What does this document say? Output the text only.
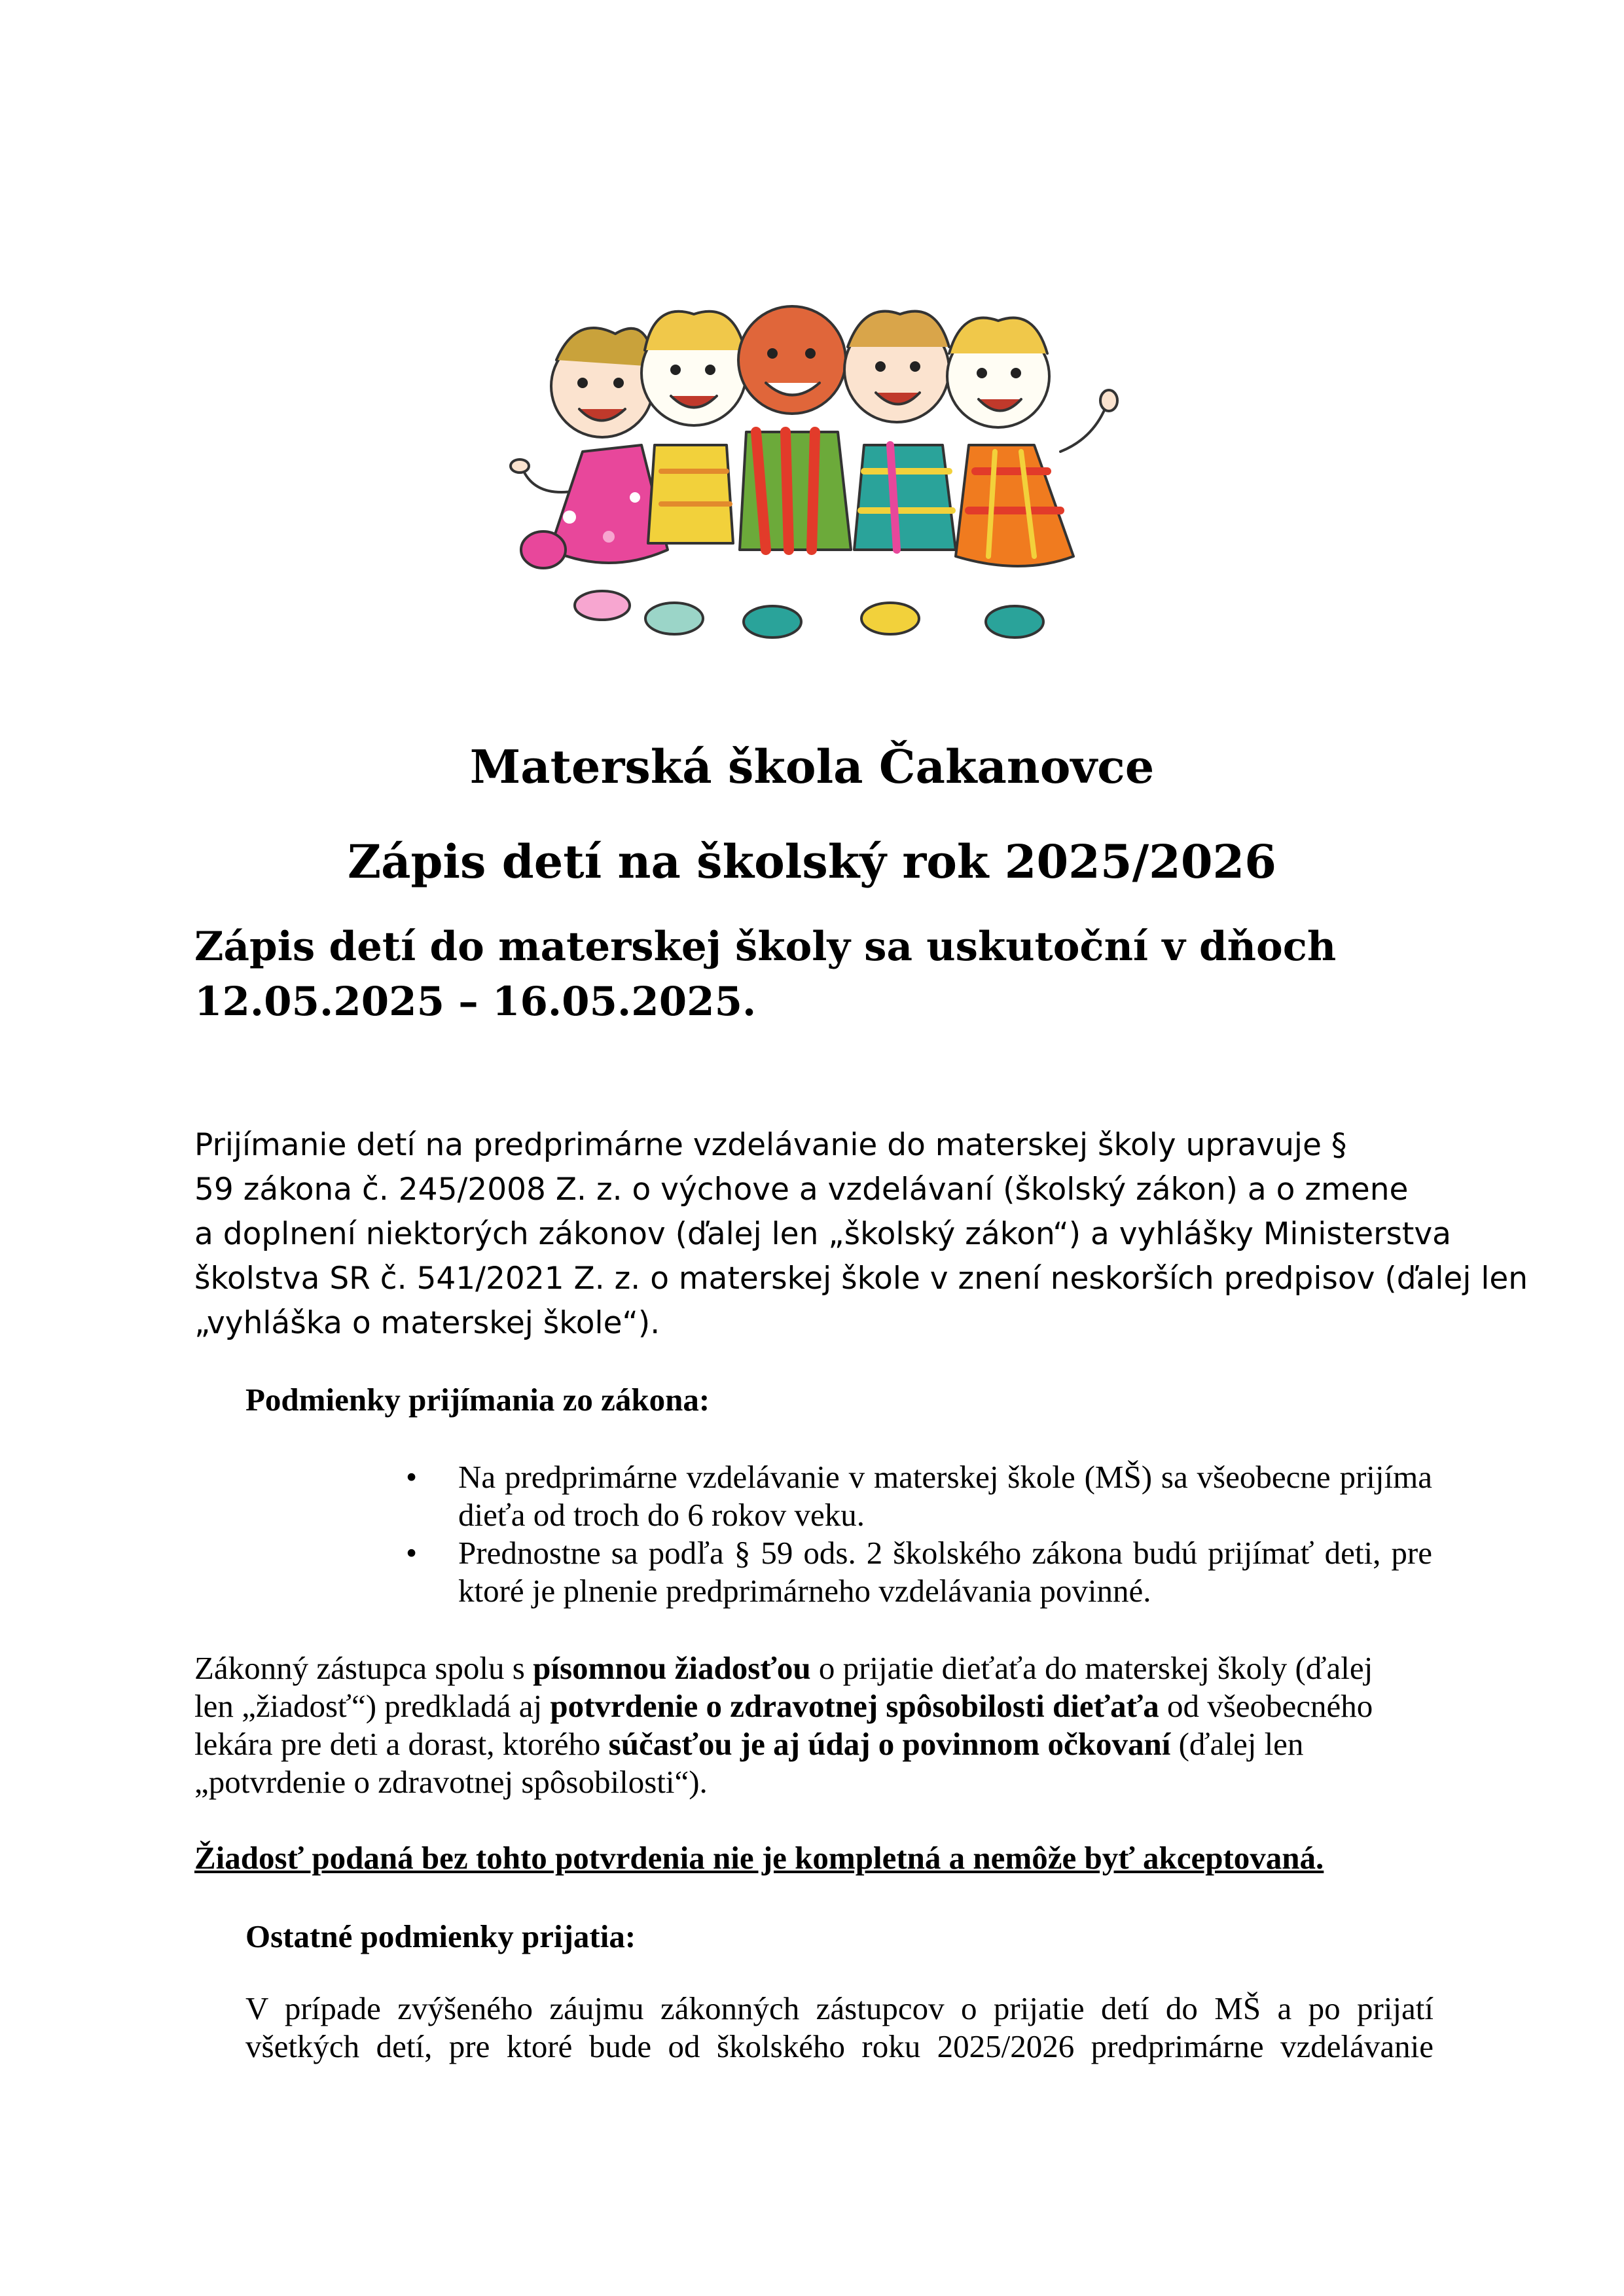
Materská škola Čakanovce
Zápis detí na školský rok 2025/2026

Zápis detí do materskej školy sa uskutoční v dňoch 12.05.2025 – 16.05.2025.

Prijímanie detí na predprimárne vzdelávanie do materskej školy upravuje §
59 zákona č. 245/2008 Z. z. o výchove a vzdelávaní (školský zákon) a o zmene
a doplnení niektorých zákonov (ďalej len „školský zákon“) a vyhlášky Ministerstva
školstva SR č. 541/2021 Z. z. o materskej škole v znení neskorších predpisov (ďalej len
„vyhláška o materskej škole“).

Podmienky prijímania zo zákona:
• Na predprimárne vzdelávanie v materskej škole (MŠ) sa všeobecne prijíma dieťa od troch do 6 rokov veku.
• Prednostne sa podľa § 59 ods. 2 školského zákona budú prijímať deti, pre ktoré je plnenie predprimárneho vzdelávania povinné.

Zákonný zástupca spolu s písomnou žiadosťou o prijatie dieťaťa do materskej školy (ďalej
len „žiadosť“) predkladá aj potvrdenie o zdravotnej spôsobilosti dieťaťa od všeobecného
lekára pre deti a dorast, ktorého súčasťou je aj údaj o povinnom očkovaní (ďalej len
„potvrdenie o zdravotnej spôsobilosti“).

Žiadosť podaná bez tohto potvrdenia nie je kompletná a nemôže byť akceptovaná.

Ostatné podmienky prijatia:

V prípade zvýšeného záujmu zákonných zástupcov o prijatie detí do MŠ a po prijatí
všetkých detí, pre ktoré bude od školského roku 2025/2026 predprimárne vzdelávanie
